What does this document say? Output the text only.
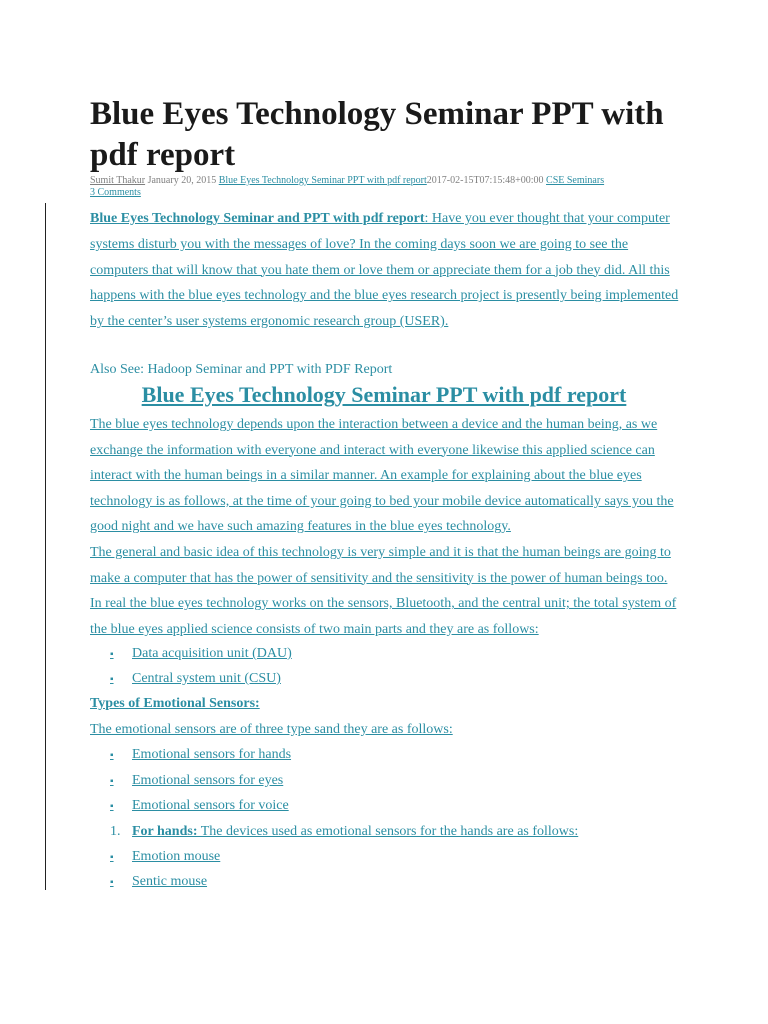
Blue Eyes Technology Seminar PPT with pdf report
Sumit Thakur January 20, 2015 Blue Eyes Technology Seminar PPT with pdf report2017-02-15T07:15:48+00:00 CSE Seminars
3 Comments

Blue Eyes Technology Seminar and PPT with pdf report: Have you ever thought that your computer systems disturb you with the messages of love? In the coming days soon we are going to see the computers that will know that you hate them or love them or appreciate them for a job they did. All this happens with the blue eyes technology and the blue eyes research project is presently being implemented by the center’s user systems ergonomic research group (USER).

Also See: Hadoop Seminar and PPT with PDF Report
Blue Eyes Technology Seminar PPT with pdf report

The blue eyes technology depends upon the interaction between a device and the human being, as we exchange the information with everyone and interact with everyone likewise this applied science can interact with the human beings in a similar manner. An example for explaining about the blue eyes technology is as follows, at the time of your going to bed your mobile device automatically says you the good night and we have such amazing features in the blue eyes technology.
The general and basic idea of this technology is very simple and it is that the human beings are going to make a computer that has the power of sensitivity and the sensitivity is the power of human beings too. In real the blue eyes technology works on the sensors, Bluetooth, and the central unit; the total system of the blue eyes applied science consists of two main parts and they are as follows:

▪ Data acquisition unit (DAU)
▪ Central system unit (CSU)
Types of Emotional Sensors:
The emotional sensors are of three type sand they are as follows:
▪ Emotional sensors for hands
▪ Emotional sensors for eyes
▪ Emotional sensors for voice
1. For hands: The devices used as emotional sensors for the hands are as follows:
▪ Emotion mouse
▪ Sentic mouse
